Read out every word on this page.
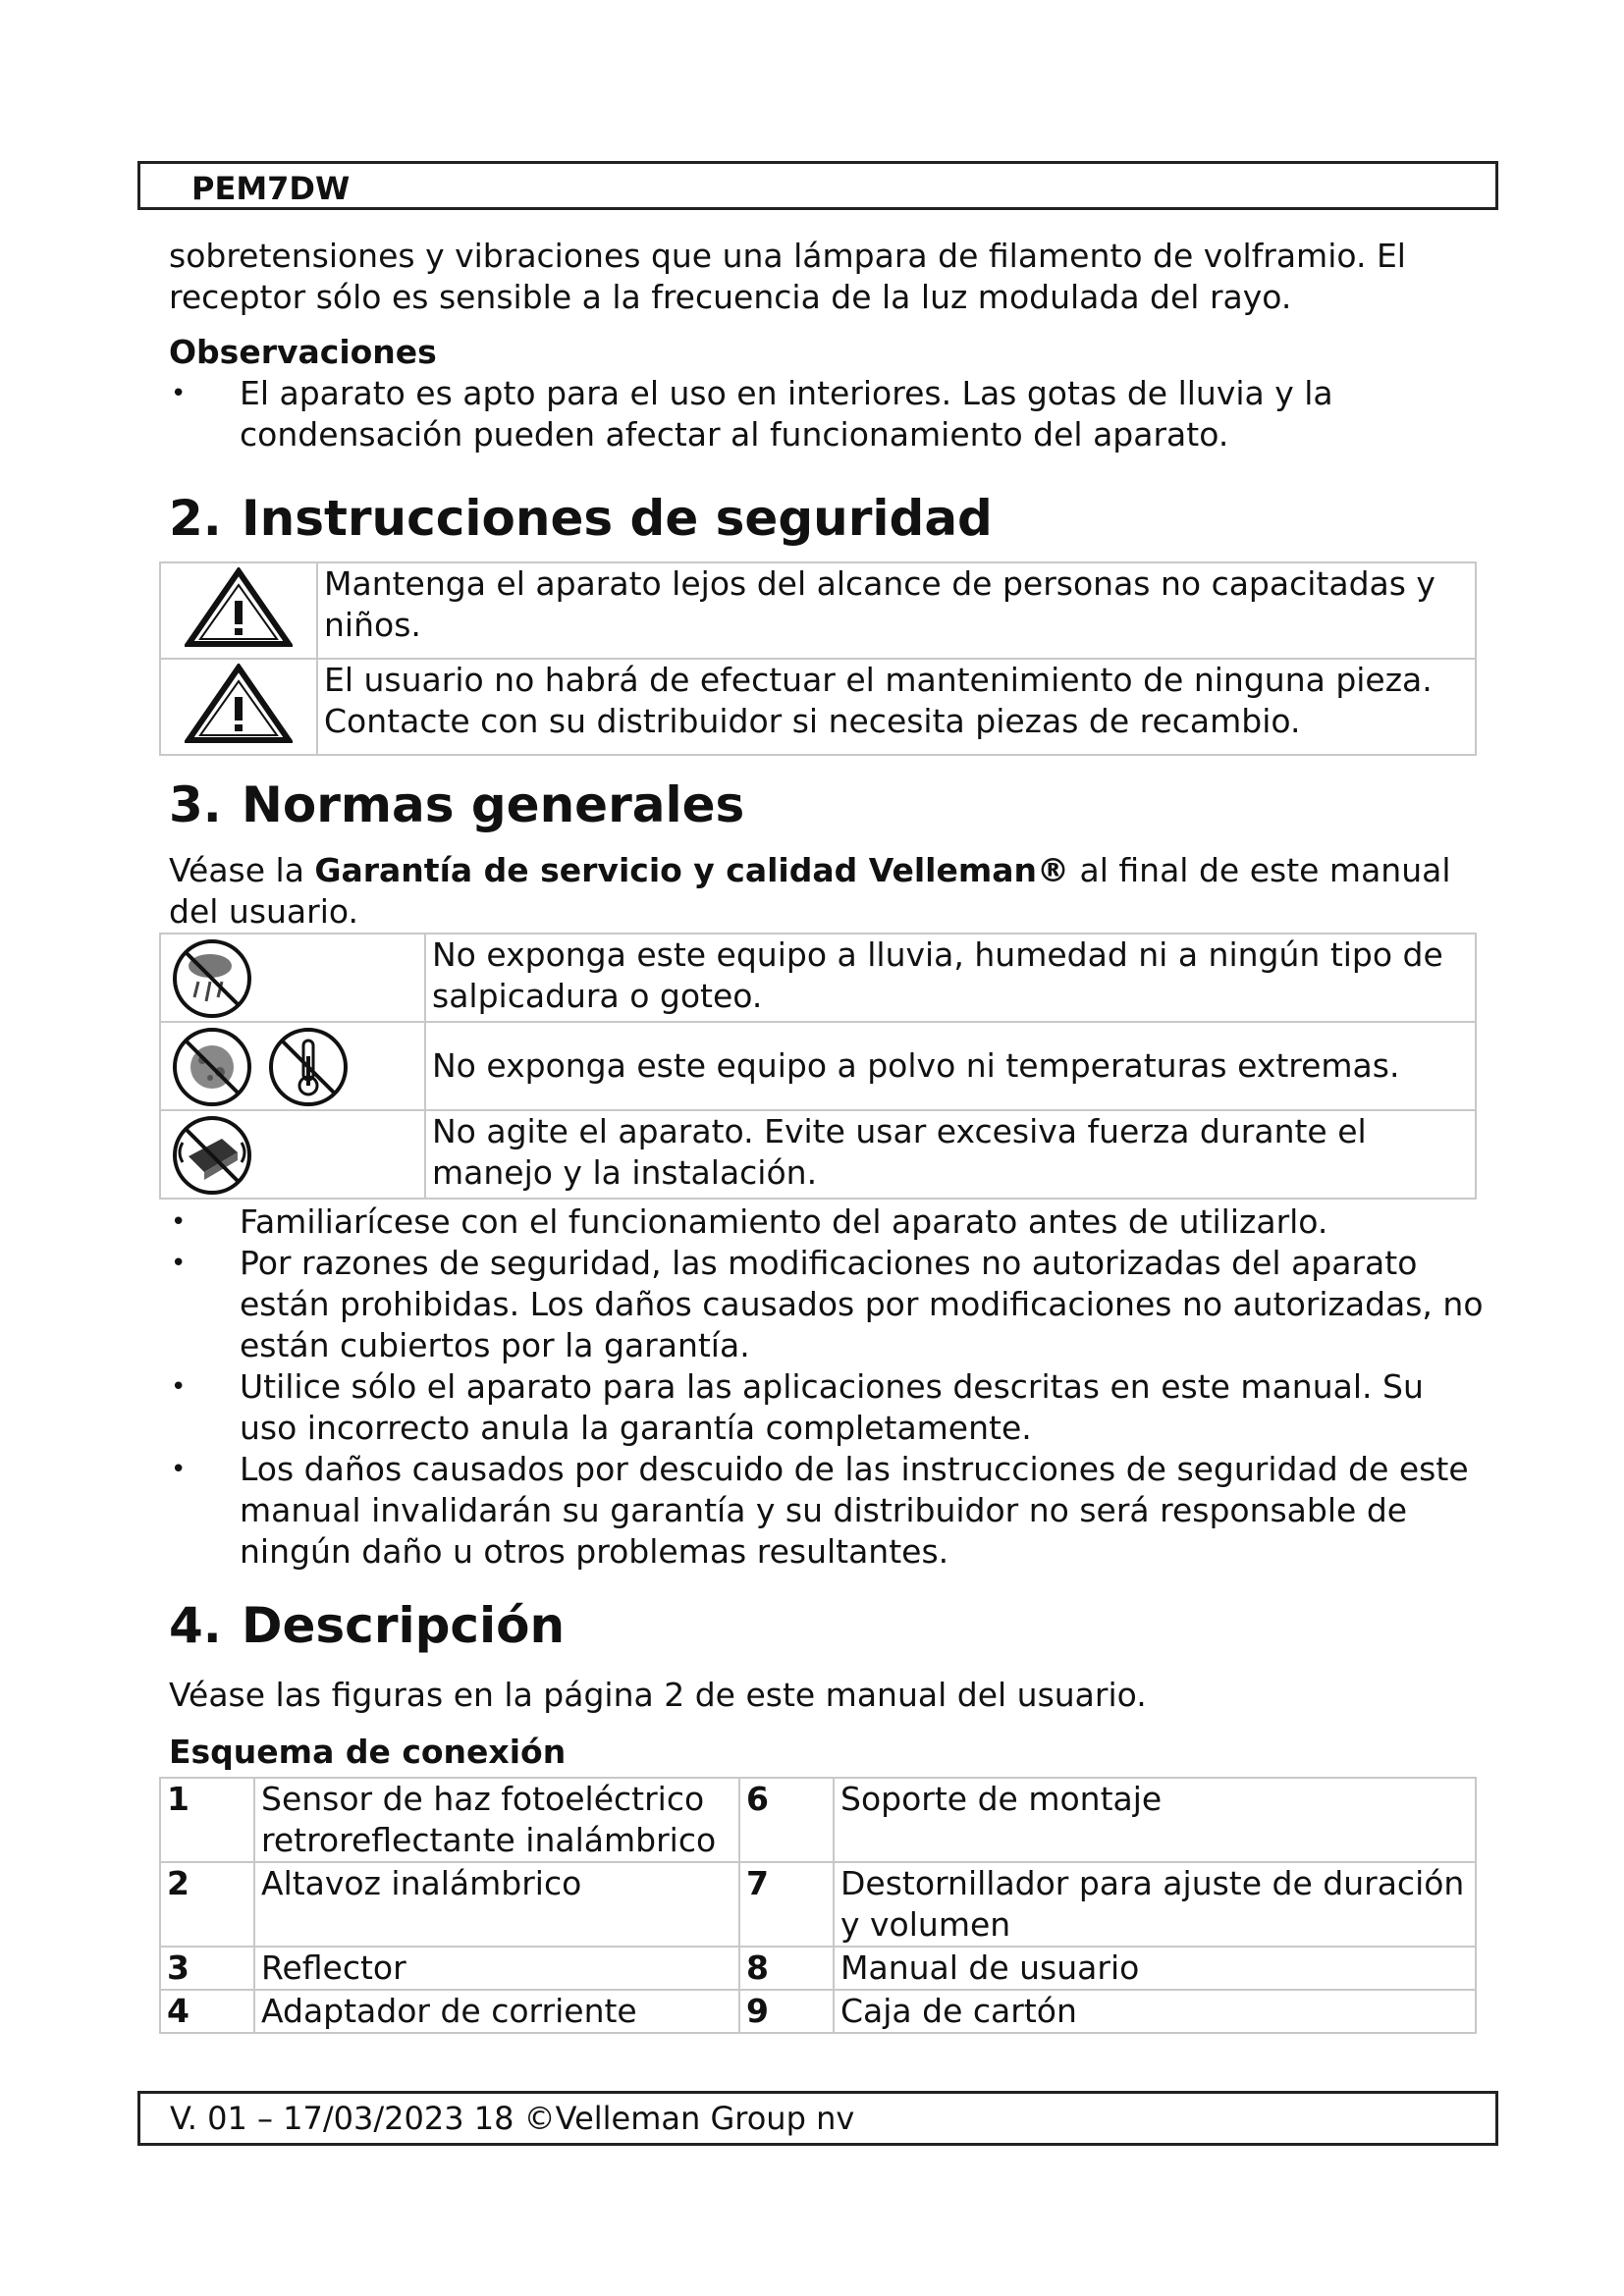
PEM7DW

sobretensiones y vibraciones que una lámpara de filamento de volframio. El receptor sólo es sensible a la frecuencia de la luz modulada del rayo.

Observaciones

• El aparato es apto para el uso en interiores. Las gotas de lluvia y la condensación pueden afectar al funcionamiento del aparato.
2. Instrucciones de seguridad
	Mantenga el aparato lejos del alcance de personas no capacitadas y niños.
	El usuario no habrá de efectuar el mantenimiento de ninguna pieza. Contacte con su distribuidor si necesita piezas de recambio.
3. Normas generales

Véase la Garantía de servicio y calidad Velleman® al final de este manual del usuario.

	No exponga este equipo a lluvia, humedad ni a ningún tipo de salpicadura o goteo.
	No exponga este equipo a polvo ni temperaturas extremas.
	No agite el aparato. Evite usar excesiva fuerza durante el manejo y la instalación.
• Familiarícese con el funcionamiento del aparato antes de utilizarlo.
• Por razones de seguridad, las modificaciones no autorizadas del aparato están prohibidas. Los daños causados por modificaciones no autorizadas, no están cubiertos por la garantía.
• Utilice sólo el aparato para las aplicaciones descritas en este manual. Su uso incorrecto anula la garantía completamente.
• Los daños causados por descuido de las instrucciones de seguridad de este manual invalidarán su garantía y su distribuidor no será responsable de ningún daño u otros problemas resultantes.
4. Descripción

Véase las figuras en la página 2 de este manual del usuario.

Esquema de conexión

1	Sensor de haz fotoeléctrico retroreflectante inalámbrico	6	Soporte de montaje
2	Altavoz inalámbrico	7	Destornillador para ajuste de duración y volumen
3	Reflector	8	Manual de usuario
4	Adaptador de corriente	9	Caja de cartón
V. 01 – 17/03/2023 18 ©Velleman Group nv
